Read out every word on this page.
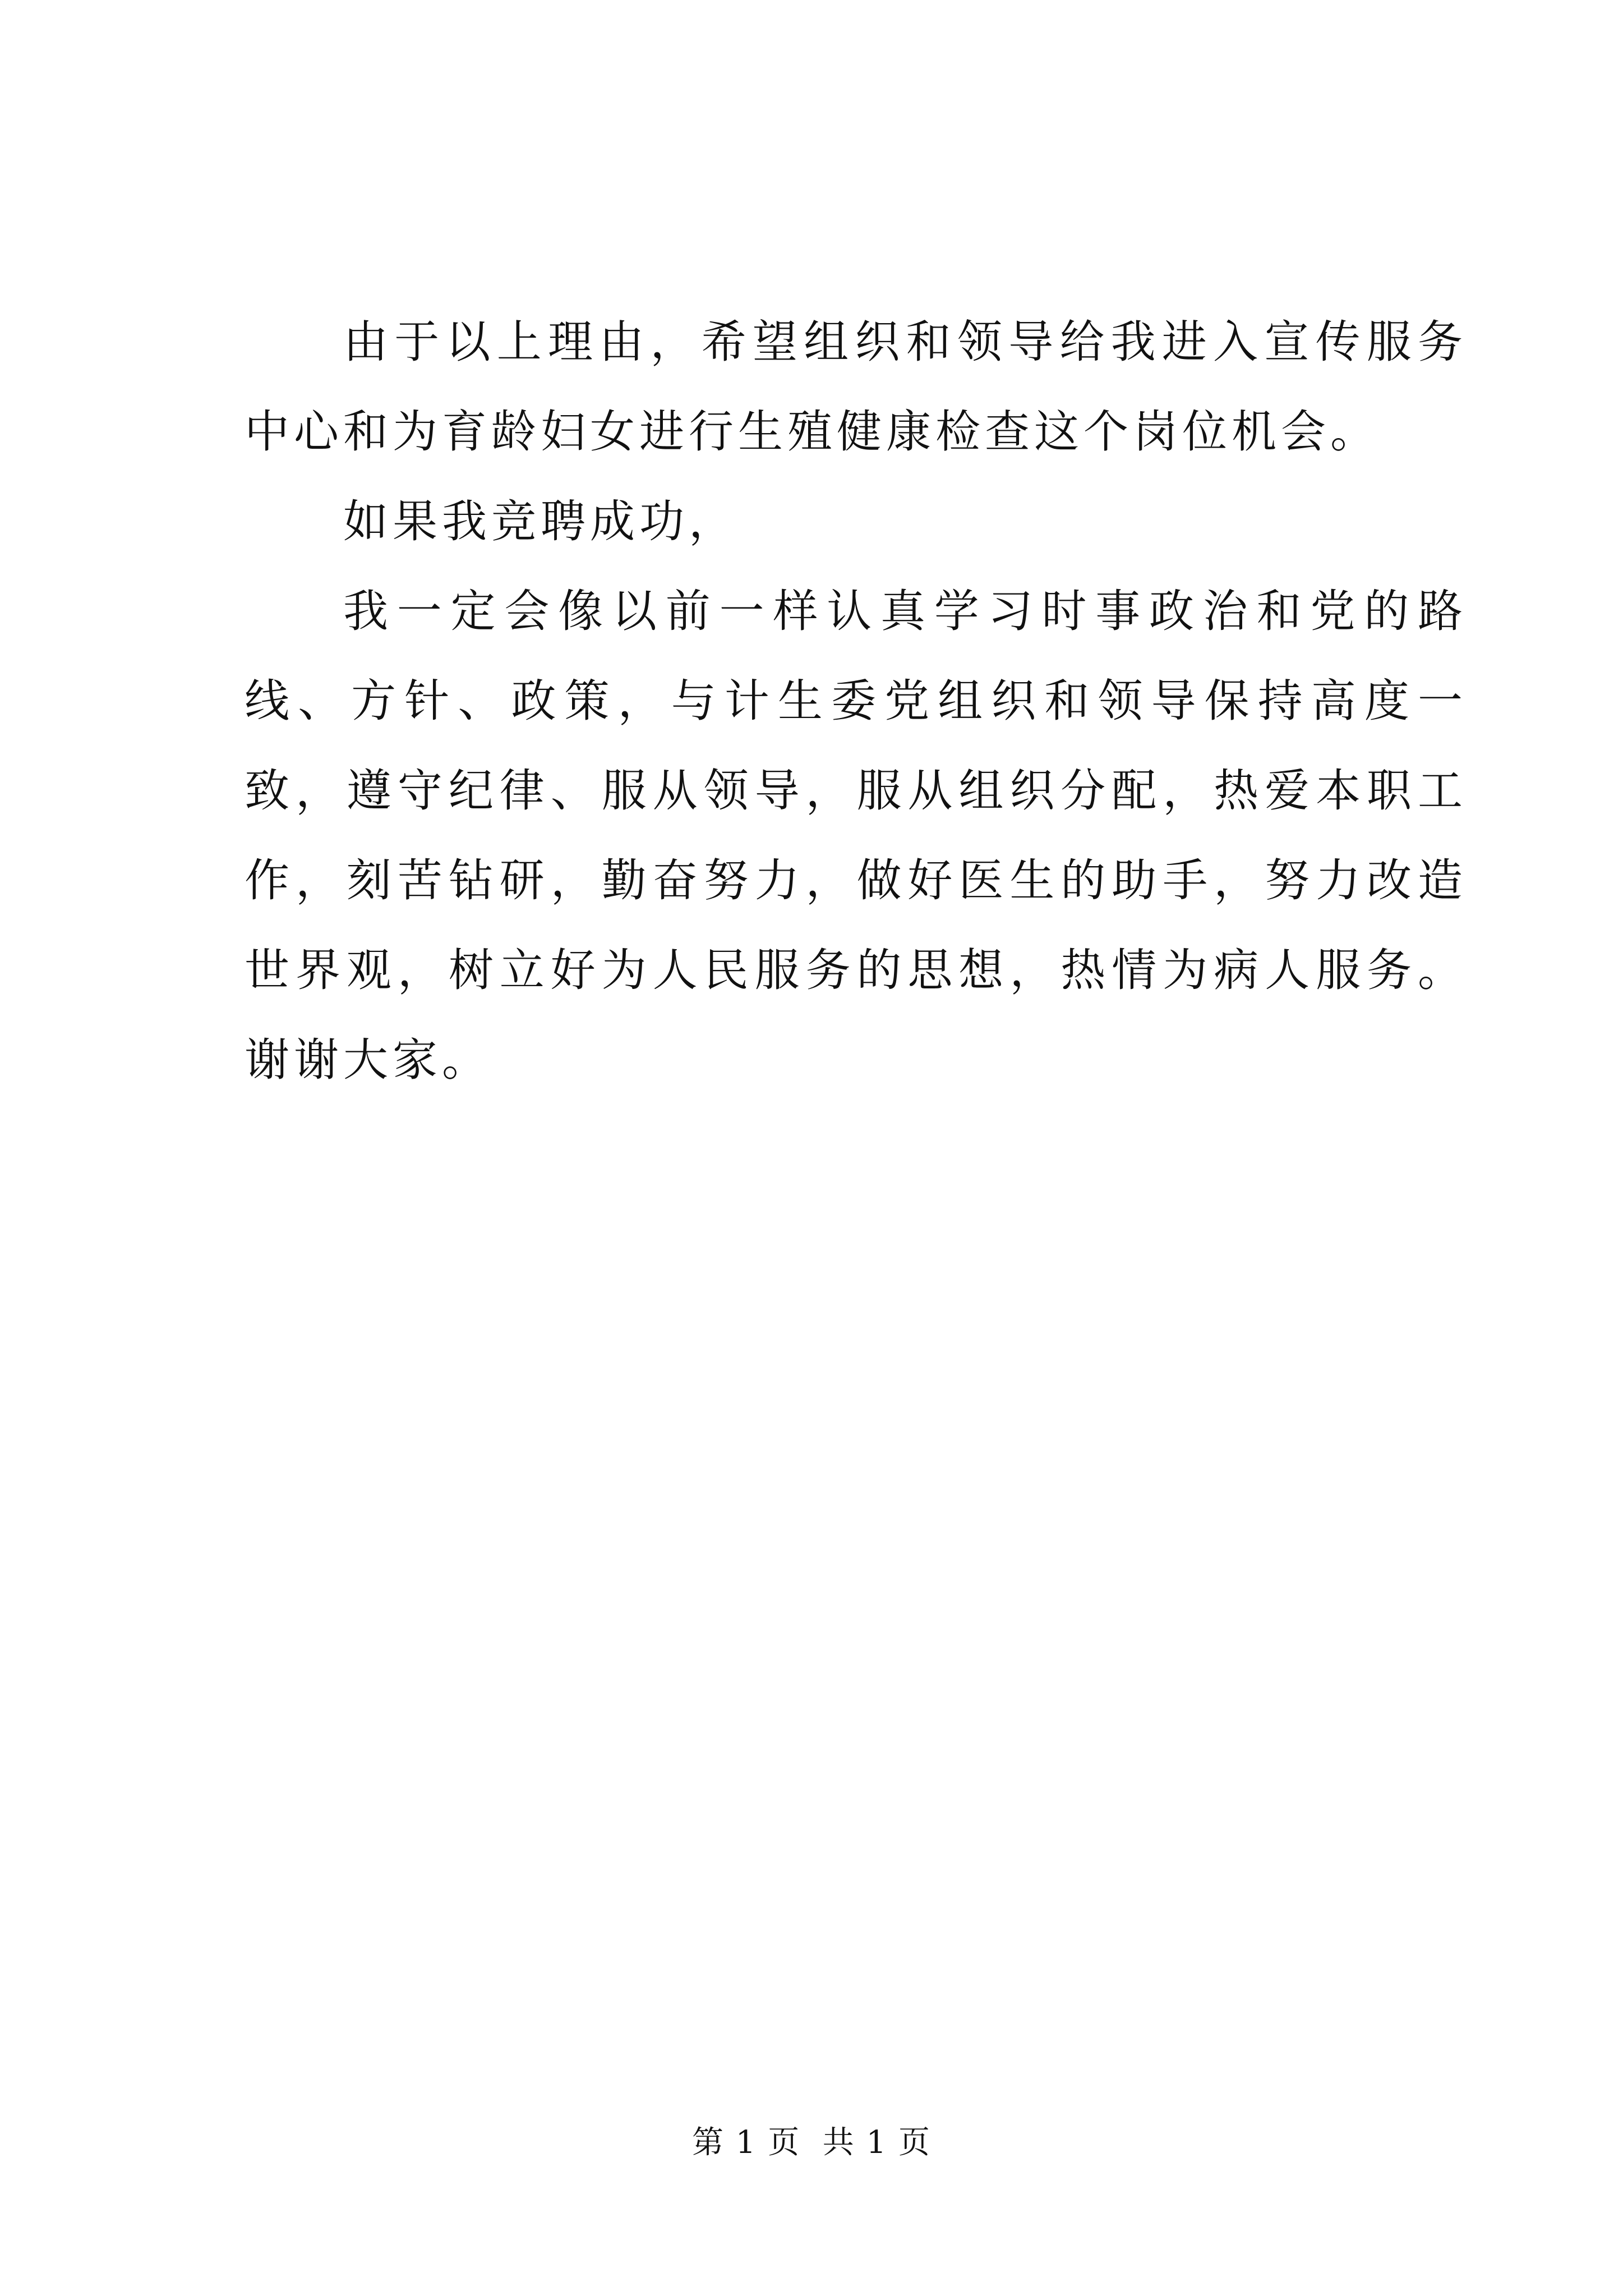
由于以上理由，希望组织和领导给我进入宣传服务中心和为育龄妇女进行生殖健康检查这个岗位机会。

如果我竞聘成功，

我一定会像以前一样认真学习时事政治和党的路线、方针、政策，与计生委党组织和领导保持高度一致，遵守纪律、服从领导，服从组织分配，热爱本职工作，刻苦钻研，勤奋努力，做好医生的助手，努力改造世界观，树立好为人民服务的思想，热情为病人服务。谢谢大家。

第 1 页  共 1 页
